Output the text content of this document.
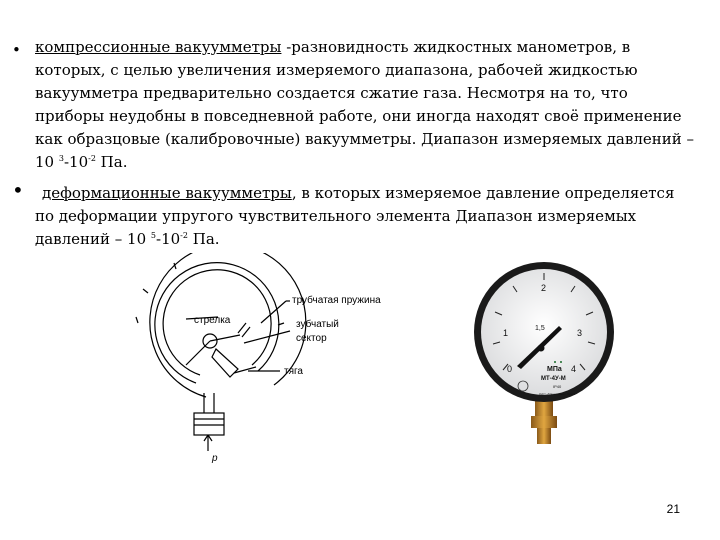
• компрессионные вакуумметры -разновидность жидкостных манометров, в которых, с целью увеличения измеряемого диапазона, рабочей жидкостью вакуумметра предварительно создается сжатие газа. Несмотря на то, что приборы неудобны в повседневной работе, они иногда находят своё применение как образцовые (калибровочные) вакуумметры. Диапазон измеряемых давлений – 10 $^3-10^{-2}$ Па.
•	деформационные вакуумметры, в которых измеряемое давление определяется по деформации упругого чувствительного элемента Диапазон измеряемых давлений – 10 $^5-10^{-2}$ Па.
трубчатая пружина
стрелка	зубчатый
сектор
тяга
p
0
1	1,5
2
3
4
МПа
МТ-4У-М
IP40
ОАО «Манотомь» г. Томск
21
